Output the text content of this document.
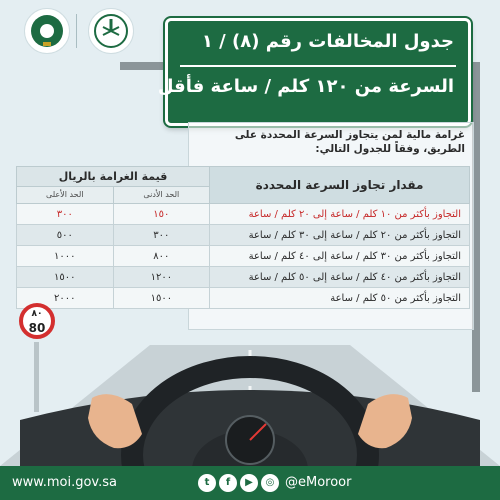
جدول المخالفات رقم (٨) / ١
السرعة من ١٢٠ كلم / ساعة فأقل
غرامة مالية لمن يتجاوز السرعة المحددة على الطريق، وفقاً للجدول التالي:
مقدار تجاوز السرعة المحددة	قيمة الغرامة بالريال	
	الحد الأدنى	الحد الأعلى
التجاوز بأكثر من ١٠ كلم / ساعة إلى ٢٠ كلم / ساعة	١٥٠	٣٠٠
التجاوز بأكثر من ٢٠ كلم / ساعة إلى ٣٠ كلم / ساعة	٣٠٠	٥٠٠
التجاوز بأكثر من ٣٠ كلم / ساعة إلى ٤٠ كلم / ساعة	٨٠٠	١٠٠٠
التجاوز بأكثر من ٤٠ كلم / ساعة إلى ٥٠ كلم / ساعة	١٢٠٠	١٥٠٠
التجاوز بأكثر من ٥٠ كلم / ساعة	١٥٠٠	٢٠٠٠
٨٠
80
www.moi.gov.sa	t	f	▶	◎ @eMoroor
